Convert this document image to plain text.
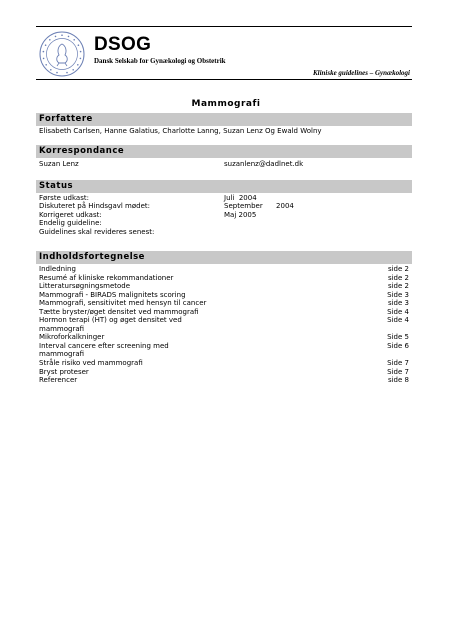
DSOG
Dansk Selskab for Gynækologi og Obstetrik
Kliniske guidelines – Gynækologi
Mammografi
Forfattere
Elisabeth Carlsen, Hanne Galatius, Charlotte Lanng, Suzan Lenz Og Ewald Wolny
Korrespondance
Suzan Lenz	suzanlenz@dadlnet.dk
Status
Første udkast:	Juli  2004
Diskuteret på Hindsgavl mødet:	September      2004
Korrigeret udkast:	Maj 2005
Endelig guideline:
Guidelines skal revideres senest:
Indholdsfortegnelse
Indledning	side 2
Resumé af kliniske rekommandationer	side 2
Litteratursøgningsmetode	side 2
Mammografi - BIRADS malignitets scoring	Side 3
Mammografi, sensitivitet med hensyn til cancer	side 3
Tætte bryster/øget densitet ved mammografi	Side 4
Hormon terapi (HT) og øget densitet ved
mammografi
Side 4
Mikroforkalkninger	Side 5
Interval cancere efter screening med
mammografi
Side 6
Stråle risiko ved mammografi	Side 7
Bryst proteser	Side 7
Referencer	side 8
